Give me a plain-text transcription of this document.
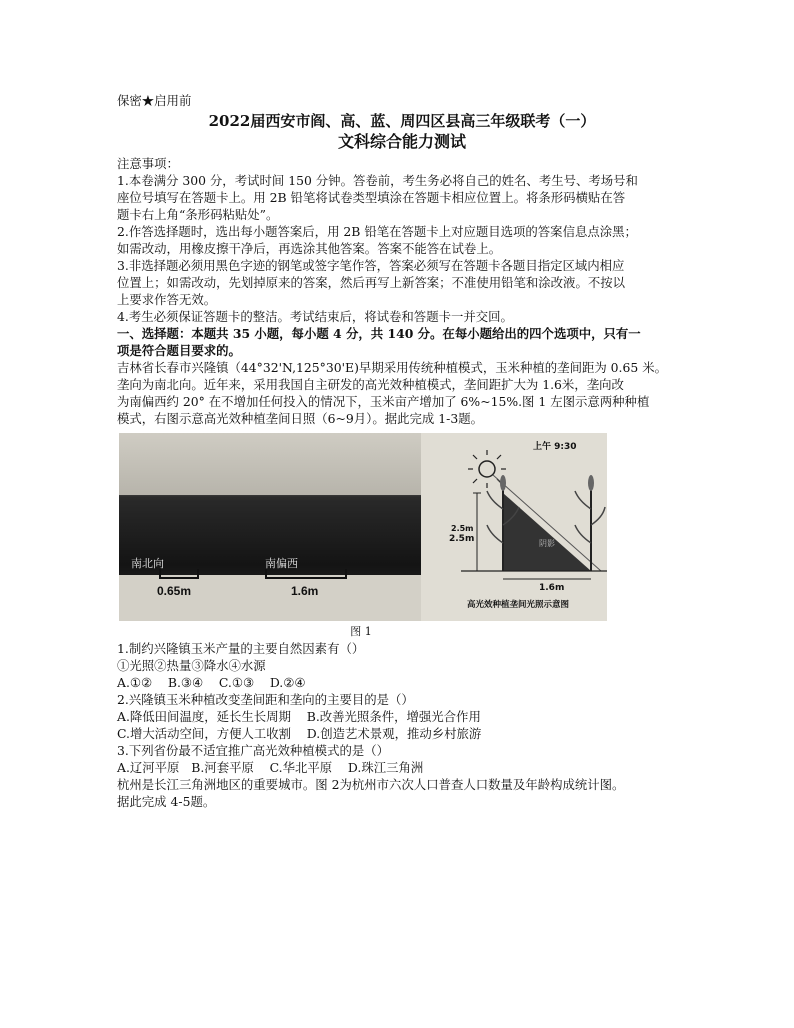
保密★启用前
2022届西安市阎、高、蓝、周四区县高三年级联考（一）
文科综合能力测试
注意事项：
1.本卷满分 300 分，考试时间 150 分钟。答卷前，考生务必将自己的姓名、考生号、考场号和
座位号填写在答题卡上。用 2B 铅笔将试卷类型填涂在答题卡相应位置上。将条形码横贴在答
题卡右上角“条形码粘贴处”。
2.作答选择题时，选出每小题答案后，用 2B 铅笔在答题卡上对应题目选项的答案信息点涂黑；
如需改动，用橡皮擦干净后，再选涂其他答案。答案不能答在试卷上。
3.非选择题必须用黑色字迹的钢笔或签字笔作答，答案必须写在答题卡各题目指定区域内相应
位置上；如需改动，先划掉原来的答案，然后再写上新答案；不准使用铅笔和涂改液。不按以
上要求作答无效。
4.考生必须保证答题卡的整洁。考试结束后，将试卷和答题卡一并交回。
一、选择题：本题共 35 小题，每小题 4 分，共 140 分。在每小题给出的四个选项中，只有一
项是符合题目要求的。
吉林省长春市兴隆镇（44°32'N,125°30'E)早期采用传统种植模式，玉米种植的垄间距为 0.65 米。
垄向为南北向。近年来，采用我国自主研发的高光效种植模式，垄间距扩大为 1.6米，垄向改
为南偏西约 20° 在不增加任何投入的情况下，玉米亩产增加了 6%~15%.图 1 左图示意两种种植
模式，右图示意高光效种植垄间日照（6~9月）。据此完成 1-3题。
南北向	南偏西
0.65m	1.6m
上午 9:30
2.5m
2.5m	阴影
1.6m
高光效种植垄间光照示意图
图 1
1.制约兴隆镇玉米产量的主要自然因素有（）
①光照②热量③降水④水源
A.①②    B.③④    C.①③    D.②④
2.兴隆镇玉米种植改变垄间距和垄向的主要目的是（）
A.降低田间温度，延长生长周期    B.改善光照条件，增强光合作用
C.增大活动空间，方便人工收割    D.创造艺术景观，推动乡村旅游
3.下列省份最不适宜推广高光效种植模式的是（）
A.辽河平原   B.河套平原    C.华北平原    D.珠江三角洲
杭州是长江三角洲地区的重要城市。图 2为杭州市六次人口普查人口数量及年龄构成统计图。
据此完成 4-5题。
